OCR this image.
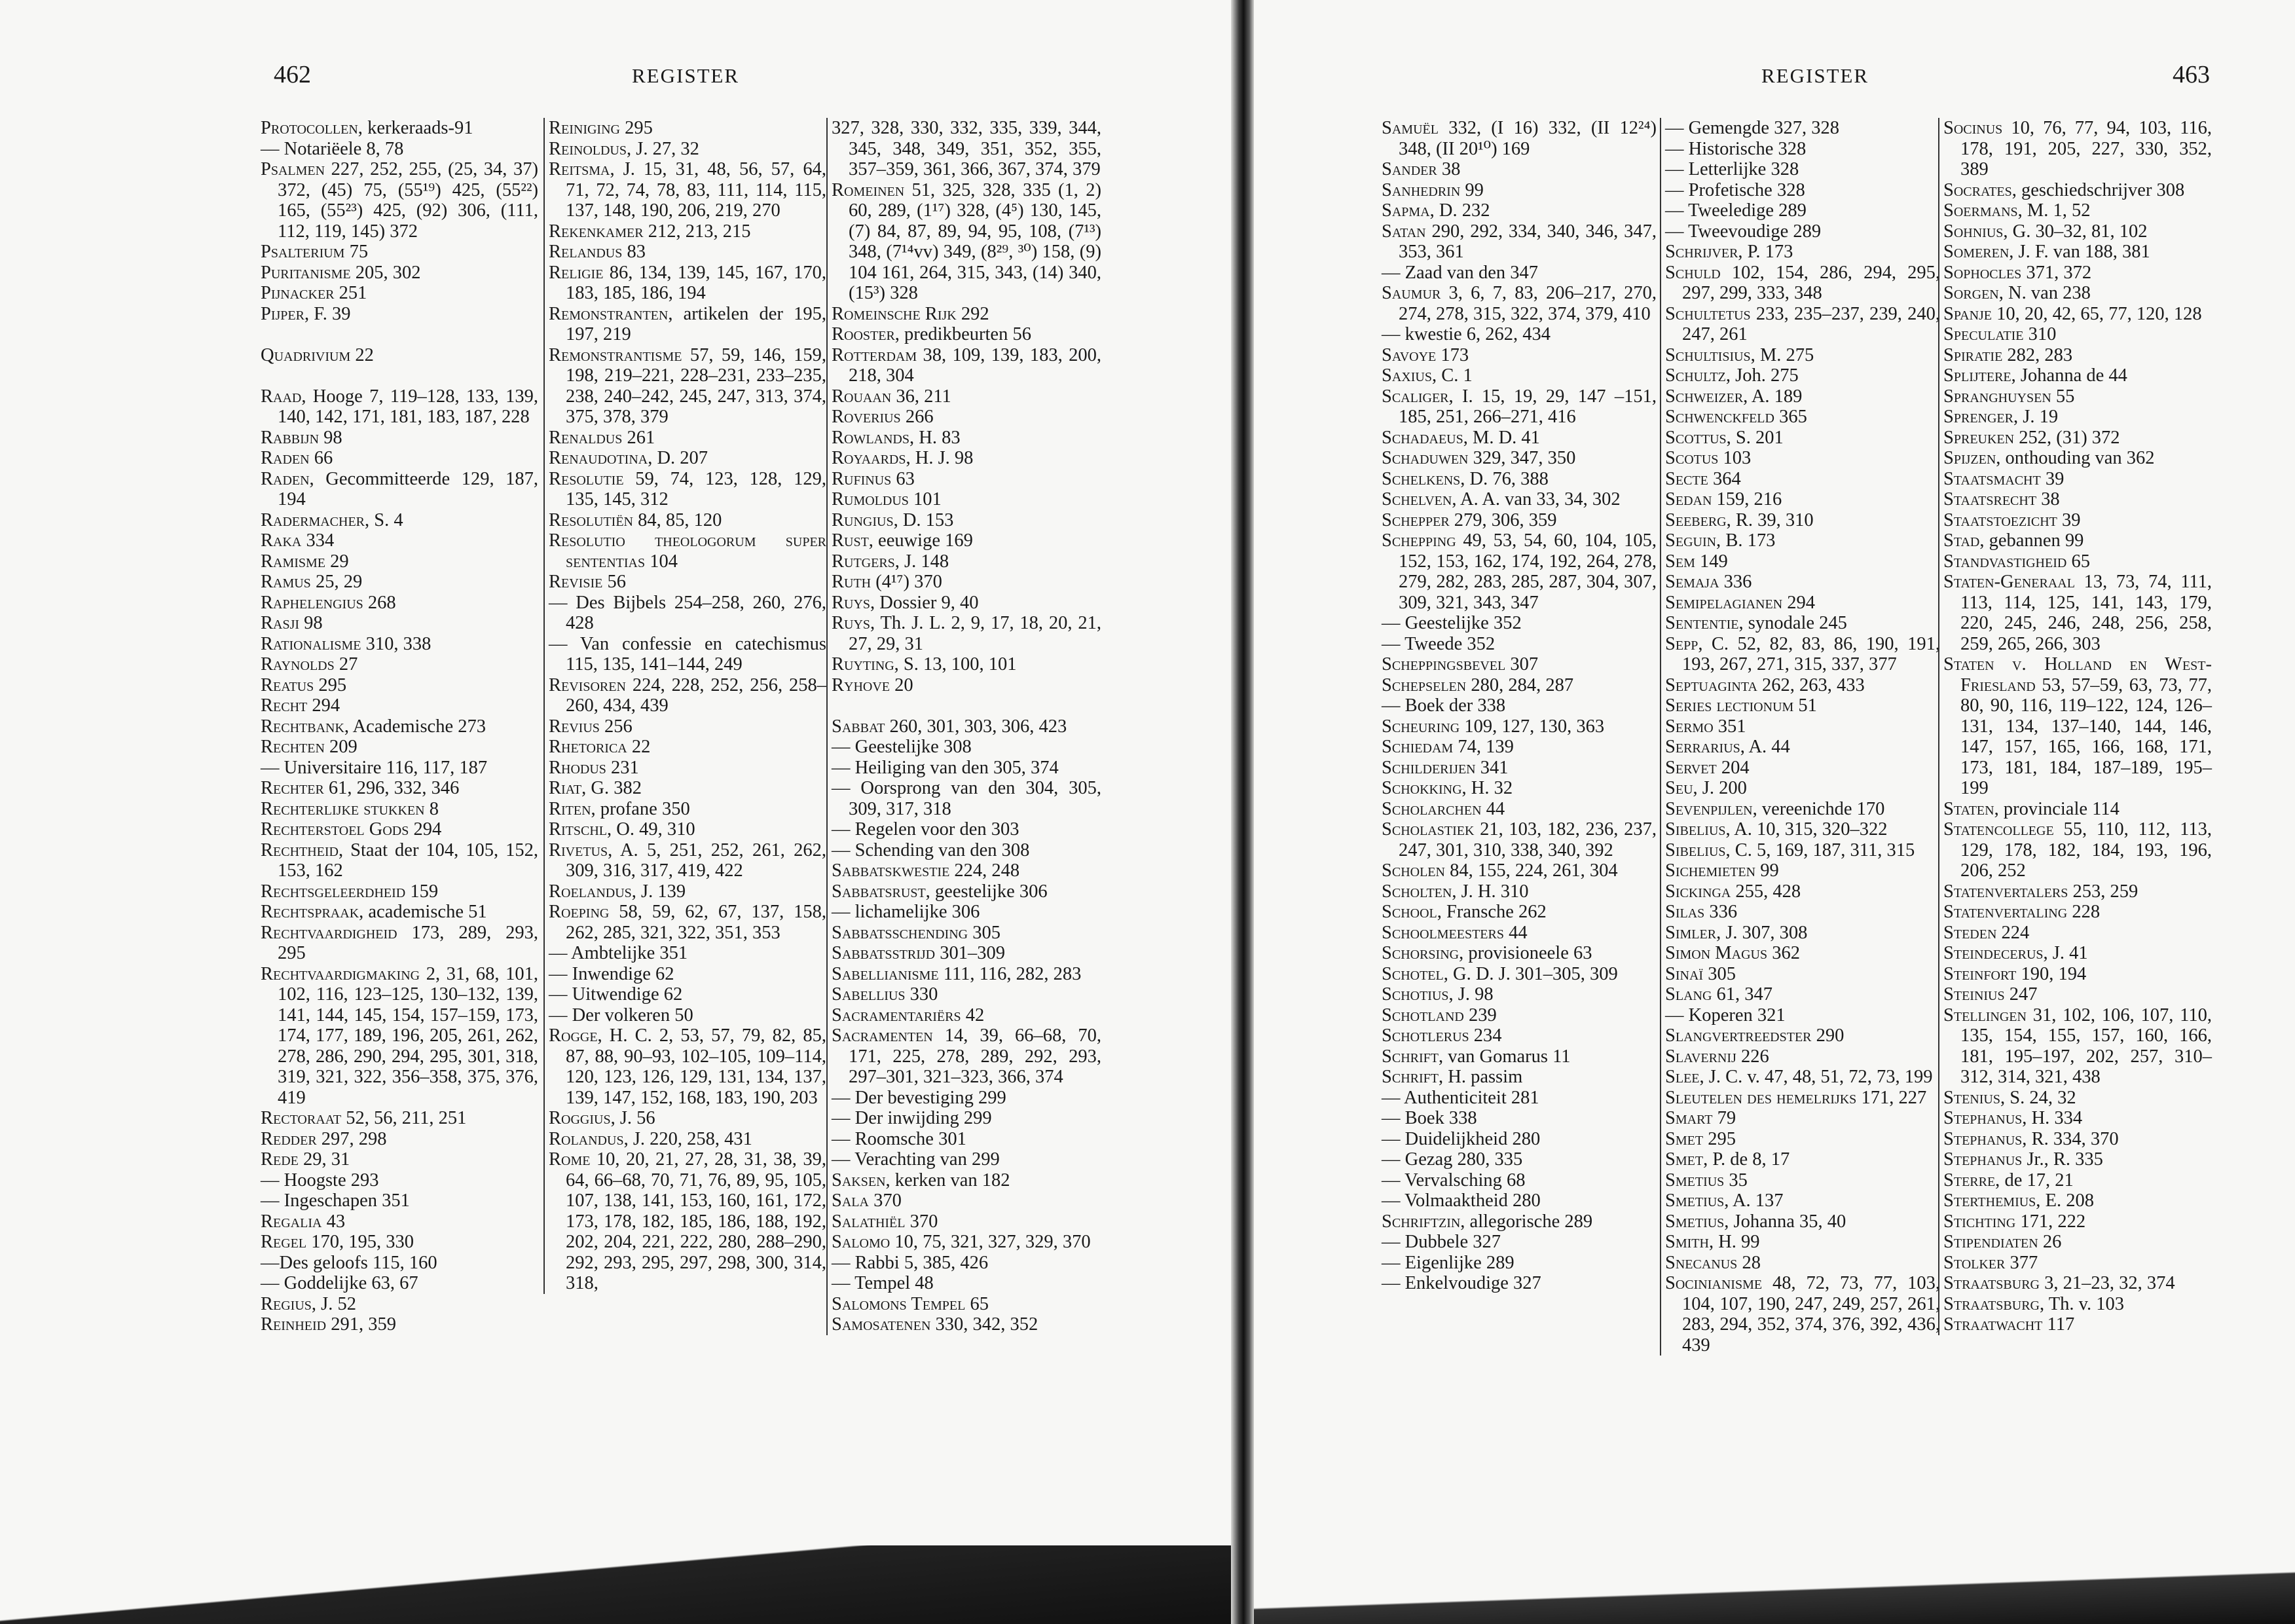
462	REGISTER
Protocollen, kerkeraads-91
— Notariëele 8, 78
Psalmen 227, 252, 255, (25, 34, 37) 372, (45) 75, (55¹⁹) 425, (55²²) 165, (55²³) 425, (92) 306, (111, 112, 119, 145) 372
Psalterium 75
Puritanisme 205, 302
Pijnacker 251
Pijper, F. 39
Quadrivium 22
Raad, Hooge 7, 119–128, 133, 139, 140, 142, 171, 181, 183, 187, 228
Rabbijn 98
Raden 66
Raden, Gecommitteerde 129, 187, 194
Radermacher, S. 4
Raka 334
Ramisme 29
Ramus 25, 29
Raphelengius 268
Rasji 98
Rationalisme 310, 338
Raynolds 27
Reatus 295
Recht 294
Rechtbank, Academische 273
Rechten 209
— Universitaire 116, 117, 187
Rechter 61, 296, 332, 346
Rechterlijke stukken 8
Rechterstoel Gods 294
Rechtheid, Staat der 104, 105, 152, 153, 162
Rechtsgeleerdheid 159
Rechtspraak, academische 51
Rechtvaardigheid 173, 289, 293, 295
Rechtvaardigmaking 2, 31, 68, 101, 102, 116, 123–125, 130–132, 139, 141, 144, 145, 154, 157–159, 173, 174, 177, 189, 196, 205, 261, 262, 278, 286, 290, 294, 295, 301, 318, 319, 321, 322, 356–358, 375, 376, 419
Rectoraat 52, 56, 211, 251
Redder 297, 298
Rede 29, 31
— Hoogste 293
— Ingeschapen 351
Regalia 43
Regel 170, 195, 330
—Des geloofs 115, 160
— Goddelijke 63, 67
Regius, J. 52
Reinheid 291, 359
Reiniging 295
Reinoldus, J. 27, 32
Reitsma, J. 15, 31, 48, 56, 57, 64, 71, 72, 74, 78, 83, 111, 114, 115, 137, 148, 190, 206, 219, 270
Rekenkamer 212, 213, 215
Relandus 83
Religie 86, 134, 139, 145, 167, 170, 183, 185, 186, 194
Remonstranten, artikelen der 195, 197, 219
Remonstrantisme 57, 59, 146, 159, 198, 219–221, 228–231, 233–235, 238, 240–242, 245, 247, 313, 374, 375, 378, 379
Renaldus 261
Renaudotina, D. 207
Resolutie 59, 74, 123, 128, 129, 135, 145, 312
Resolutiën 84, 85, 120
Resolutio theologorum super sententias 104
Revisie 56
— Des Bijbels 254–258, 260, 276, 428
— Van confessie en catechismus 115, 135, 141–144, 249
Revisoren 224, 228, 252, 256, 258–260, 434, 439
Revius 256
Rhetorica 22
Rhodus 231
Riat, G. 382
Riten, profane 350
Ritschl, O. 49, 310
Rivetus, A. 5, 251, 252, 261, 262, 309, 316, 317, 419, 422
Roelandus, J. 139
Roeping 58, 59, 62, 67, 137, 158, 262, 285, 321, 322, 351, 353
— Ambtelijke 351
— Inwendige 62
— Uitwendige 62
— Der volkeren 50
Rogge, H. C. 2, 53, 57, 79, 82, 85, 87, 88, 90–93, 102–105, 109–114, 120, 123, 126, 129, 131, 134, 137, 139, 147, 152, 168, 183, 190, 203
Roggius, J. 56
Rolandus, J. 220, 258, 431
Rome 10, 20, 21, 27, 28, 31, 38, 39, 64, 66–68, 70, 71, 76, 89, 95, 105, 107, 138, 141, 153, 160, 161, 172, 173, 178, 182, 185, 186, 188, 192, 202, 204, 221, 222, 280, 288–290, 292, 293, 295, 297, 298, 300, 314, 318,
327, 328, 330, 332, 335, 339, 344, 345, 348, 349, 351, 352, 355, 357–359, 361, 366, 367, 374, 379
Romeinen 51, 325, 328, 335 (1, 2) 60, 289, (1¹⁷) 328, (4⁵) 130, 145, (7) 84, 87, 89, 94, 95, 108, (7¹³) 348, (7¹⁴vv) 349, (8²⁹, ³⁰) 158, (9) 104 161, 264, 315, 343, (14) 340, (15³) 328
Romeinsche Rijk 292
Rooster, predikbeurten 56
Rotterdam 38, 109, 139, 183, 200, 218, 304
Rouaan 36, 211
Roverius 266
Rowlands, H. 83
Royaards, H. J. 98
Rufinus 63
Rumoldus 101
Rungius, D. 153
Rust, eeuwige 169
Rutgers, J. 148
Ruth (4¹⁷) 370
Ruys, Dossier 9, 40
Ruys, Th. J. L. 2, 9, 17, 18, 20, 21, 27, 29, 31
Ruyting, S. 13, 100, 101
Ryhove 20
Sabbat 260, 301, 303, 306, 423
— Geestelijke 308
— Heiliging van den 305, 374
— Oorsprong van den 304, 305, 309, 317, 318
— Regelen voor den 303
— Schending van den 308
Sabbatskwestie 224, 248
Sabbatsrust, geestelijke 306
— lichamelijke 306
Sabbatsschending 305
Sabbatsstrijd 301–309
Sabellianisme 111, 116, 282, 283
Sabellius 330
Sacramentariërs 42
Sacramenten 14, 39, 66–68, 70, 171, 225, 278, 289, 292, 293, 297–301, 321–323, 366, 374
— Der bevestiging 299
— Der inwijding 299
— Roomsche 301
— Verachting van 299
Saksen, kerken van 182
Sala 370
Salathiël 370
Salomo 10, 75, 321, 327, 329, 370
— Rabbi 5, 385, 426
— Tempel 48
Salomons Tempel 65
Samosatenen 330, 342, 352
REGISTER	463
Samuël 332, (I 16) 332, (II 12²⁴) 348, (II 20¹⁰) 169
Sander 38
Sanhedrin 99
Sapma, D. 232
Satan 290, 292, 334, 340, 346, 347, 353, 361
— Zaad van den 347
Saumur 3, 6, 7, 83, 206–217, 270, 274, 278, 315, 322, 374, 379, 410
— kwestie 6, 262, 434
Savoye 173
Saxius, C. 1
Scaliger, I. 15, 19, 29, 147 –151, 185, 251, 266–271, 416
Schadaeus, M. D. 41
Schaduwen 329, 347, 350
Schelkens, D. 76, 388
Schelven, A. A. van 33, 34, 302
Schepper 279, 306, 359
Schepping 49, 53, 54, 60, 104, 105, 152, 153, 162, 174, 192, 264, 278, 279, 282, 283, 285, 287, 304, 307, 309, 321, 343, 347
— Geestelijke 352
— Tweede 352
Scheppingsbevel 307
Schepselen 280, 284, 287
— Boek der 338
Scheuring 109, 127, 130, 363
Schiedam 74, 139
Schilderijen 341
Schokking, H. 32
Scholarchen 44
Scholastiek 21, 103, 182, 236, 237, 247, 301, 310, 338, 340, 392
Scholen 84, 155, 224, 261, 304
Scholten, J. H. 310
School, Fransche 262
Schoolmeesters 44
Schorsing, provisioneele 63
Schotel, G. D. J. 301–305, 309
Schotius, J. 98
Schotland 239
Schotlerus 234
Schrift, van Gomarus 11
Schrift, H. passim
— Authenticiteit 281
— Boek 338
— Duidelijkheid 280
— Gezag 280, 335
— Vervalsching 68
— Volmaaktheid 280
Schriftzin, allegorische 289
— Dubbele 327
— Eigenlijke 289
— Enkelvoudige 327
— Gemengde 327, 328
— Historische 328
— Letterlijke 328
— Profetische 328
— Tweeledige 289
— Tweevoudige 289
Schrijver, P. 173
Schuld 102, 154, 286, 294, 295, 297, 299, 333, 348
Schultetus 233, 235–237, 239, 240, 247, 261
Schultisius, M. 275
Schultz, Joh. 275
Schweizer, A. 189
Schwenckfeld 365
Scottus, S. 201
Scotus 103
Secte 364
Sedan 159, 216
Seeberg, R. 39, 310
Seguin, B. 173
Sem 149
Semaja 336
Semipelagianen 294
Sententie, synodale 245
Sepp, C. 52, 82, 83, 86, 190, 191, 193, 267, 271, 315, 337, 377
Septuaginta 262, 263, 433
Series lectionum 51
Sermo 351
Serrarius, A. 44
Servet 204
Seu, J. 200
Sevenpijlen, vereenichde 170
Sibelius, A. 10, 315, 320–322
Sibelius, C. 5, 169, 187, 311, 315
Sichemieten 99
Sickinga 255, 428
Silas 336
Simler, J. 307, 308
Simon Magus 362
Sinaï 305
Slang 61, 347
— Koperen 321
Slangvertreedster 290
Slavernij 226
Slee, J. C. v. 47, 48, 51, 72, 73, 199
Sleutelen des hemelrijks 171, 227
Smart 79
Smet 295
Smet, P. de 8, 17
Smetius 35
Smetius, A. 137
Smetius, Johanna 35, 40
Smith, H. 99
Snecanus 28
Socinianisme 48, 72, 73, 77, 103, 104, 107, 190, 247, 249, 257, 261, 283, 294, 352, 374, 376, 392, 436, 439
Socinus 10, 76, 77, 94, 103, 116, 178, 191, 205, 227, 330, 352, 389
Socrates, geschiedschrijver 308
Soermans, M. 1, 52
Sohnius, G. 30–32, 81, 102
Someren, J. F. van 188, 381
Sophocles 371, 372
Sorgen, N. van 238
Spanje 10, 20, 42, 65, 77, 120, 128
Speculatie 310
Spiratie 282, 283
Splijtere, Johanna de 44
Spranghuysen 55
Sprenger, J. 19
Spreuken 252, (31) 372
Spijzen, onthouding van 362
Staatsmacht 39
Staatsrecht 38
Staatstoezicht 39
Stad, gebannen 99
Standvastigheid 65
Staten-Generaal 13, 73, 74, 111, 113, 114, 125, 141, 143, 179, 220, 245, 246, 248, 256, 258, 259, 265, 266, 303
Staten v. Holland en West-Friesland 53, 57–59, 63, 73, 77, 80, 90, 116, 119–122, 124, 126–131, 134, 137–140, 144, 146, 147, 157, 165, 166, 168, 171, 173, 181, 184, 187–189, 195–199
Staten, provinciale 114
Statencollege 55, 110, 112, 113, 129, 178, 182, 184, 193, 196, 206, 252
Statenvertalers 253, 259
Statenvertaling 228
Steden 224
Steindecerus, J. 41
Steinfort 190, 194
Steinius 247
Stellingen 31, 102, 106, 107, 110, 135, 154, 155, 157, 160, 166, 181, 195–197, 202, 257, 310–312, 314, 321, 438
Stenius, S. 24, 32
Stephanus, H. 334
Stephanus, R. 334, 370
Stephanus Jr., R. 335
Sterre, de 17, 21
Sterthemius, E. 208
Stichting 171, 222
Stipendiaten 26
Stolker 377
Straatsburg 3, 21–23, 32, 374
Straatsburg, Th. v. 103
Straatwacht 117
